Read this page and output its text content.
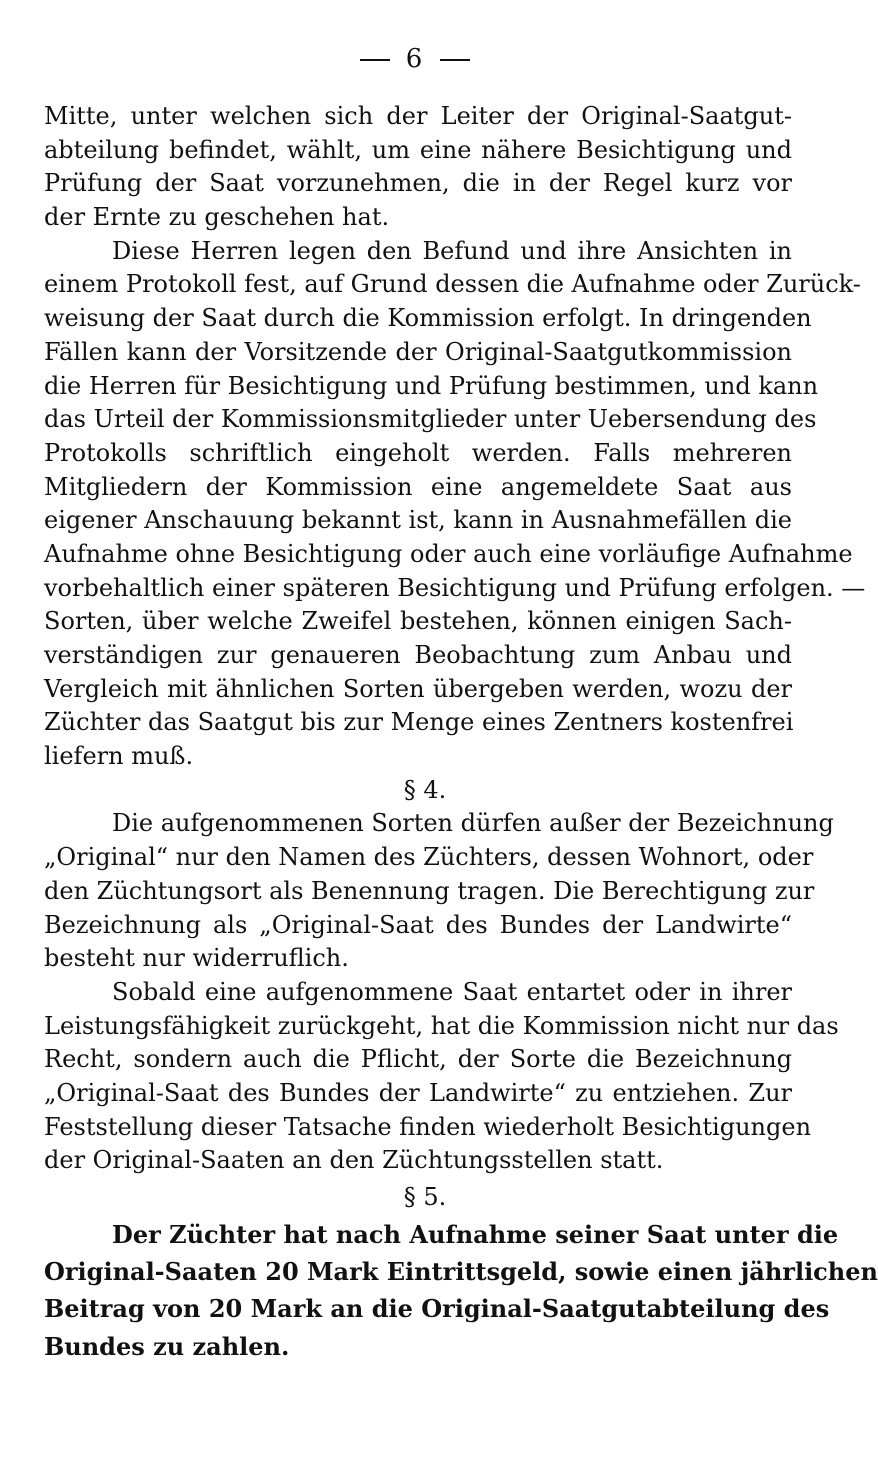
6
Mitte, unter welchen sich der Leiter der Original-Saatgut-
abteilung befindet, wählt, um eine nähere Besichtigung und
Prüfung der Saat vorzunehmen, die in der Regel kurz vor
der Ernte zu geschehen hat.
Diese Herren legen den Befund und ihre Ansichten in
einem Protokoll fest, auf Grund dessen die Aufnahme oder Zurück-
weisung der Saat durch die Kommission erfolgt. In dringenden
Fällen kann der Vorsitzende der Original-Saatgutkommission
die Herren für Besichtigung und Prüfung bestimmen, und kann
das Urteil der Kommissionsmitglieder unter Uebersendung des
Protokolls schriftlich eingeholt werden. Falls mehreren
Mitgliedern der Kommission eine angemeldete Saat aus
eigener Anschauung bekannt ist, kann in Ausnahmefällen die
Aufnahme ohne Besichtigung oder auch eine vorläufige Aufnahme
vorbehaltlich einer späteren Besichtigung und Prüfung erfolgen. —
Sorten, über welche Zweifel bestehen, können einigen Sach-
verständigen zur genaueren Beobachtung zum Anbau und
Vergleich mit ähnlichen Sorten übergeben werden, wozu der
Züchter das Saatgut bis zur Menge eines Zentners kostenfrei
liefern muß.
§ 4.
Die aufgenommenen Sorten dürfen außer der Bezeichnung
„Original“ nur den Namen des Züchters, dessen Wohnort, oder
den Züchtungsort als Benennung tragen. Die Berechtigung zur
Bezeichnung als „Original-Saat des Bundes der Landwirte“
besteht nur widerruflich.
Sobald eine aufgenommene Saat entartet oder in ihrer
Leistungsfähigkeit zurückgeht, hat die Kommission nicht nur das
Recht, sondern auch die Pflicht, der Sorte die Bezeichnung
„Original-Saat des Bundes der Landwirte“ zu entziehen. Zur
Feststellung dieser Tatsache finden wiederholt Besichtigungen
der Original-Saaten an den Züchtungsstellen statt.
§ 5.
Der Züchter hat nach Aufnahme seiner Saat unter die
Original-Saaten 20 Mark Eintrittsgeld, sowie einen jährlichen
Beitrag von 20 Mark an die Original-Saatgutabteilung des
Bundes zu zahlen.
